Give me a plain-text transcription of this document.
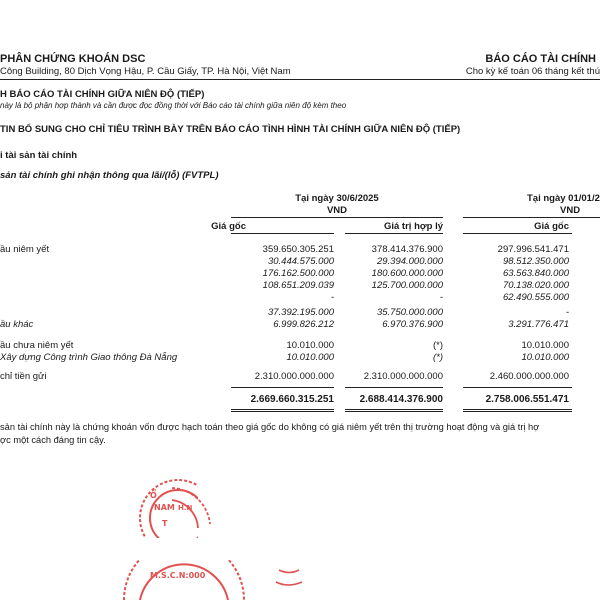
PHÂN CHỨNG KHOÁN DSC
Công Building, 80 Dịch Vọng Hậu, P. Cầu Giấy, TP. Hà Nội, Việt Nam
BÁO CÁO TÀI CHÍNH
Cho kỳ kế toán 06 tháng kết thú
H BÁO CÁO TÀI CHÍNH GIỮA NIÊN ĐỘ (TIẾP)
này là bộ phận hợp thành và cần được đọc đồng thời với Báo cáo tài chính giữa niên độ kèm theo
TIN BỔ SUNG CHO CHỈ TIÊU TRÌNH BÀY TRÊN BÁO CÁO TÌNH HÌNH TÀI CHÍNH GIỮA NIÊN ĐỘ (TIẾP)
i tài sản tài chính
sản tài chính ghi nhận thông qua lãi/(lỗ) (FVTPL)
Tại ngày 30/6/2025
VND
Tại ngày 01/01/2
VND
Giá gốc	Giá trị hợp lý	Giá gốc
ầu niêm yết	359.650.305.251	378.414.376.900	297.996.541.471
30.444.575.000	29.394.000.000	98.512.350.000
176.162.500.000	180.600.000.000	63.563.840.000
108.651.209.039	125.700.000.000	70.138.020.000
-	-	62.490.555.000
37.392.195.000	35.750.000.000	-
ầu khác	6.999.826.212	6.970.376.900	3.291.776.471
ầu chưa niêm yết	10.010.000	(*)	10.010.000
Xây dựng Công trình Giao thông Đà Nẵng	10.010.000	(*)	10.010.000
chỉ tiền gửi	2.310.000.000.000	2.310.000.000.000	2.460.000.000.000
2.669.660.315.251	2.688.414.376.900	2.758.006.551.471
sản tài chính này là chứng khoán vốn được hạch toán theo giá gốc do không có giá niêm yết trên thị trường hoạt động và giá trị hợ
ợc một cách đáng tin cậy.
Ổ
NAM
T
H.N
M.S.C.N:000
